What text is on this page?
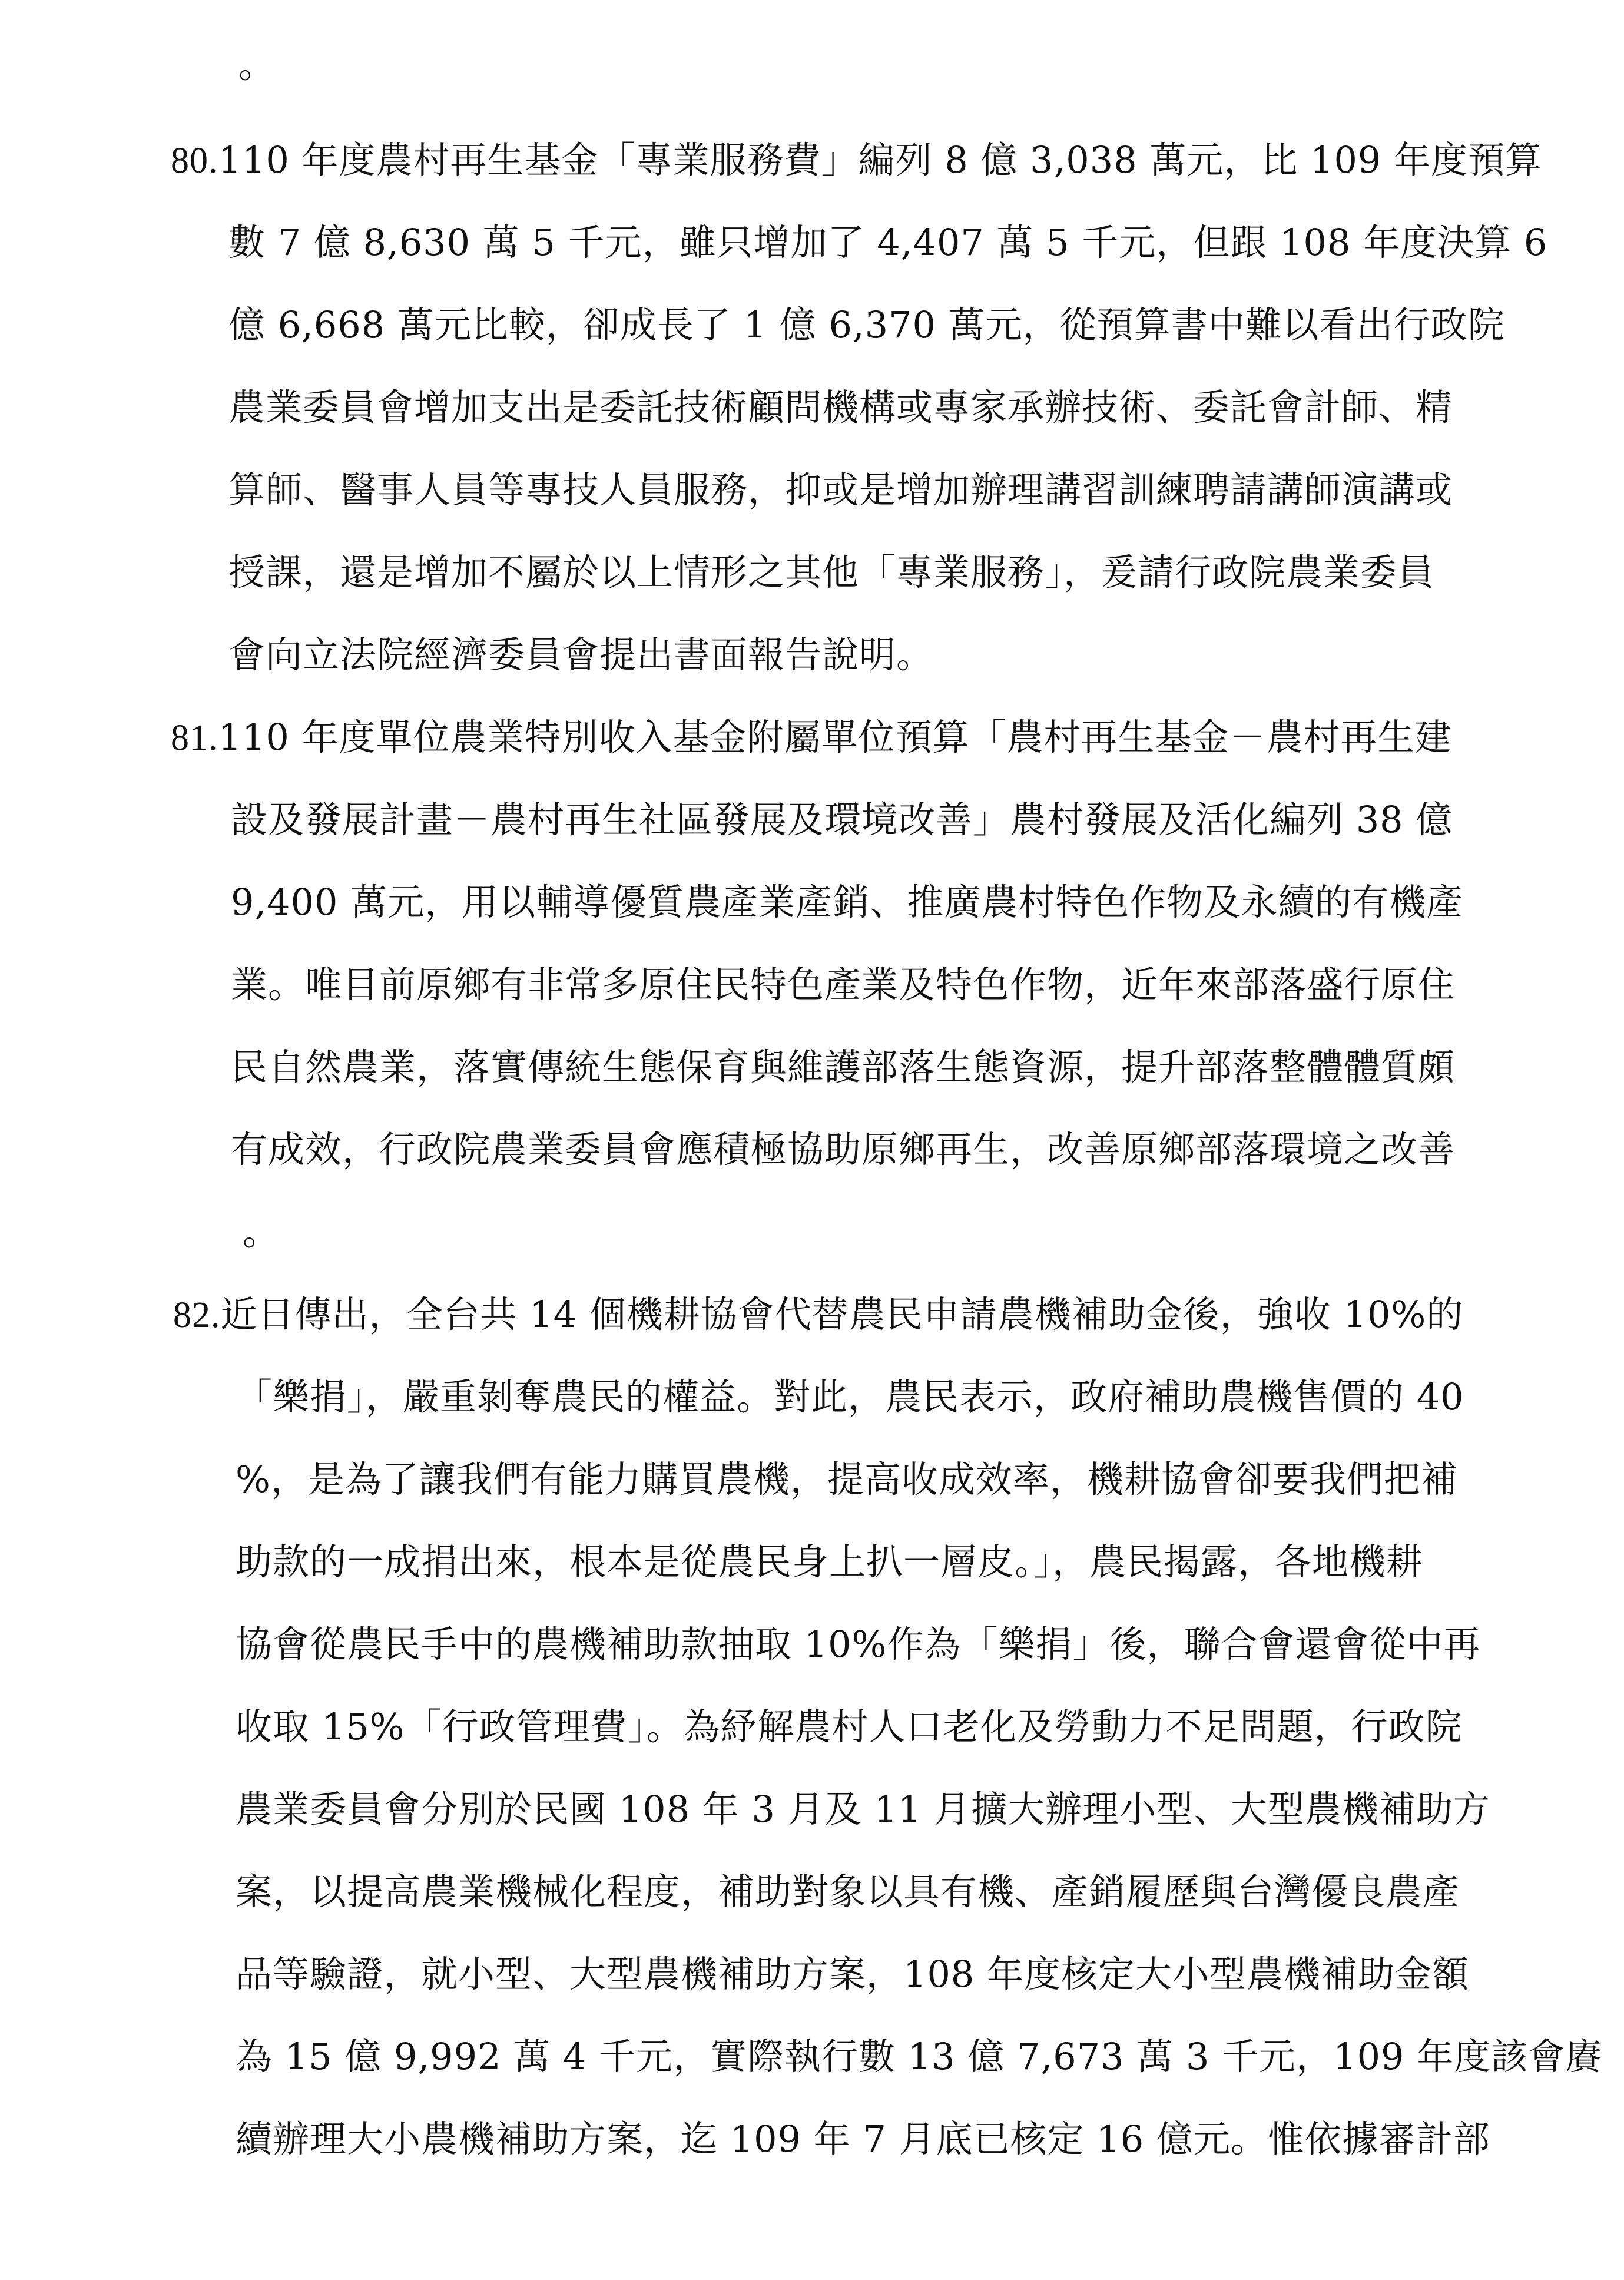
。
80.110 年度農村再生基金「專業服務費」編列 8 億 3,038 萬元，比 109 年度預算
數 7 億 8,630 萬 5 千元，雖只增加了 4,407 萬 5 千元，但跟 108 年度決算 6
億 6,668 萬元比較，卻成長了 1 億 6,370 萬元，從預算書中難以看出行政院
農業委員會增加支出是委託技術顧問機構或專家承辦技術、委託會計師、精
算師、醫事人員等專技人員服務，抑或是增加辦理講習訓練聘請講師演講或
授課，還是增加不屬於以上情形之其他「專業服務」，爰請行政院農業委員
會向立法院經濟委員會提出書面報告說明。
81.110 年度單位農業特別收入基金附屬單位預算「農村再生基金－農村再生建
設及發展計畫－農村再生社區發展及環境改善」農村發展及活化編列 38 億
9,400 萬元，用以輔導優質農產業產銷、推廣農村特色作物及永續的有機產
業。唯目前原鄉有非常多原住民特色產業及特色作物，近年來部落盛行原住
民自然農業，落實傳統生態保育與維護部落生態資源，提升部落整體體質頗
有成效，行政院農業委員會應積極協助原鄉再生，改善原鄉部落環境之改善
。
82.近日傳出，全台共 14 個機耕協會代替農民申請農機補助金後，強收 10%的
「樂捐」，嚴重剝奪農民的權益。對此，農民表示，政府補助農機售價的 40
%，是為了讓我們有能力購買農機，提高收成效率，機耕協會卻要我們把補
助款的一成捐出來，根本是從農民身上扒一層皮。」，農民揭露，各地機耕
協會從農民手中的農機補助款抽取 10%作為「樂捐」後，聯合會還會從中再
收取 15%「行政管理費」。為紓解農村人口老化及勞動力不足問題，行政院
農業委員會分別於民國 108 年 3 月及 11 月擴大辦理小型、大型農機補助方
案，以提高農業機械化程度，補助對象以具有機、產銷履歷與台灣優良農產
品等驗證，就小型、大型農機補助方案，108 年度核定大小型農機補助金額
為 15 億 9,992 萬 4 千元，實際執行數 13 億 7,673 萬 3 千元，109 年度該會賡
續辦理大小農機補助方案，迄 109 年 7 月底已核定 16 億元。惟依據審計部
